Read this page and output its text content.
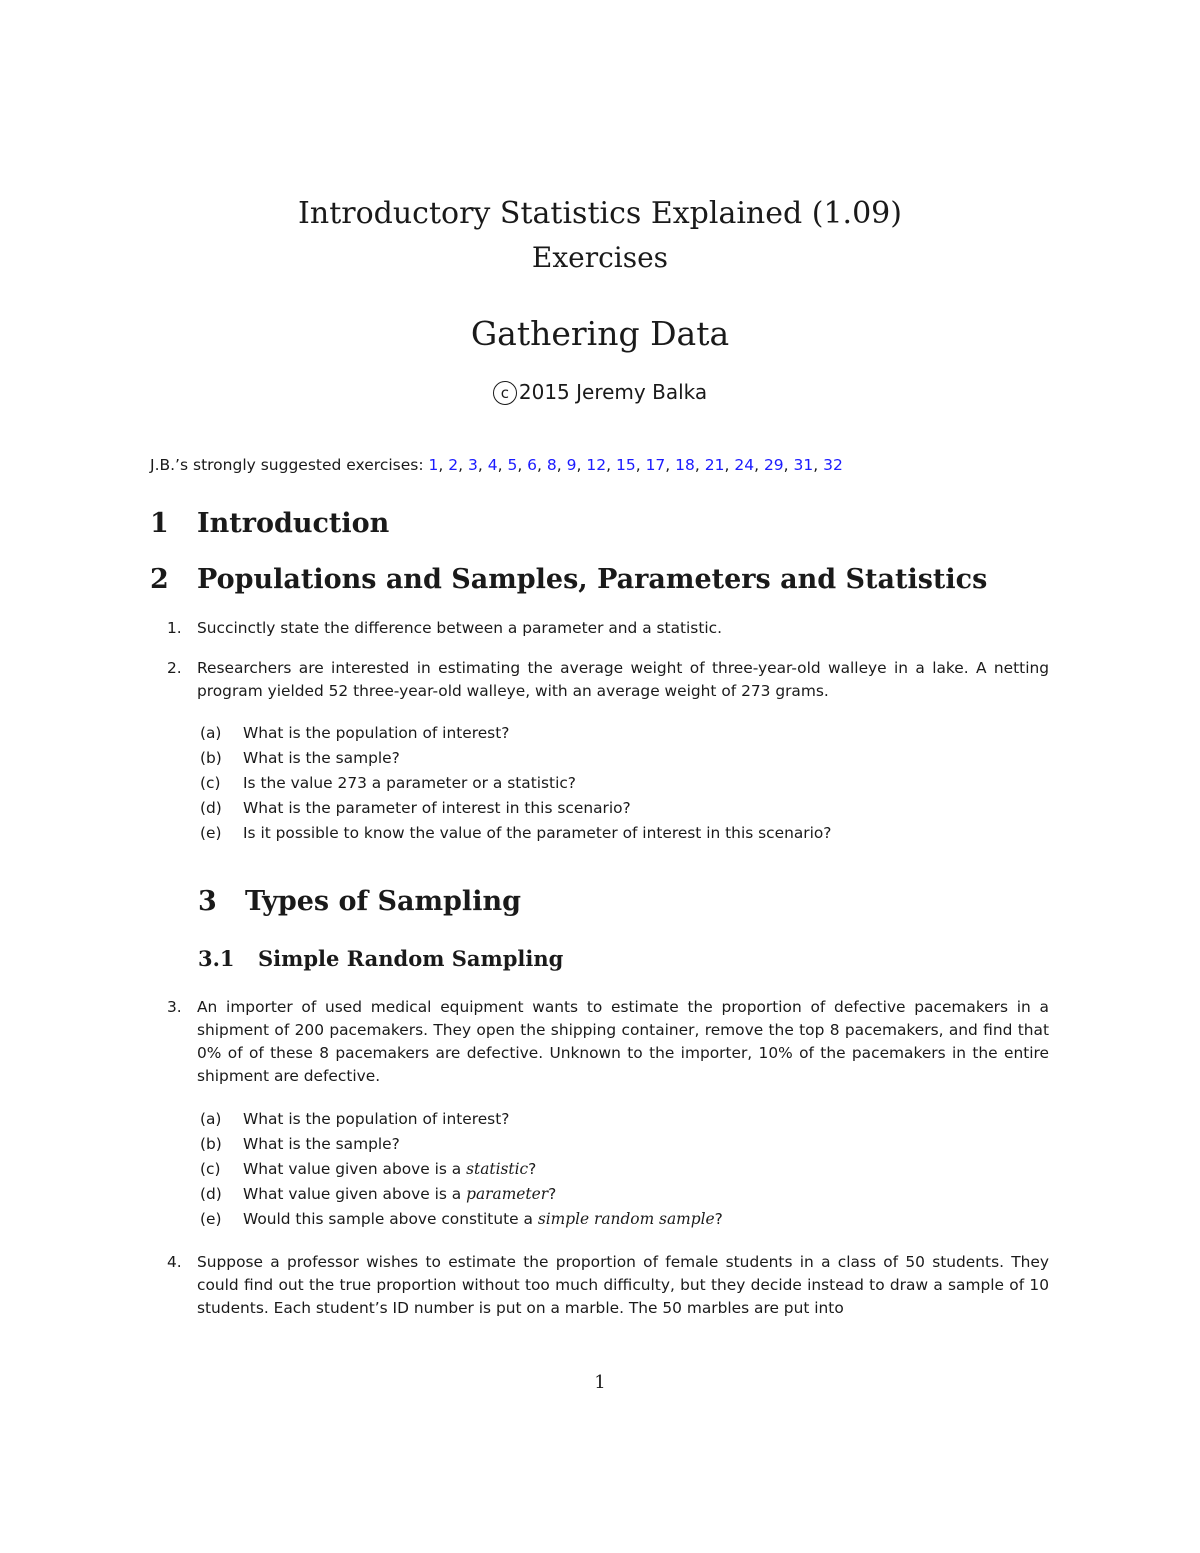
Introductory Statistics Explained (1.09)
Exercises
Gathering Data
c 2015 Jeremy Balka
J.B.’s strongly suggested exercises: 1, 2, 3, 4, 5, 6, 8, 9, 12, 15, 17, 18, 21, 24, 29, 31, 32
1 Introduction
2 Populations and Samples, Parameters and Statistics

1. Succinctly state the difference between a parameter and a statistic.

2. Researchers are interested in estimating the average weight of three-year-old walleye in a lake. A netting program yielded 52 three-year-old walleye, with an average weight of 273 grams.

(a) What is the population of interest?

(b) What is the sample?

(c) Is the value 273 a parameter or a statistic?

(d) What is the parameter of interest in this scenario?

(e) Is it possible to know the value of the parameter of interest in this scenario?

3 Types of Sampling
3.1 Simple Random Sampling

3. An importer of used medical equipment wants to estimate the proportion of defective pacemakers in a shipment of 200 pacemakers. They open the shipping container, remove the top 8 pacemakers, and find that 0% of of these 8 pacemakers are defective. Unknown to the importer, 10% of the pacemakers in the entire shipment are defective.

(a) What is the population of interest?

(b) What is the sample?

(c) What value given above is a statistic?

(d) What value given above is a parameter?

(e) Would this sample above constitute a simple random sample?

4. Suppose a professor wishes to estimate the proportion of female students in a class of 50 students. They could find out the true proportion without too much difficulty, but they decide instead to draw a sample of 10 students. Each student’s ID number is put on a marble. The 50 marbles are put into

1
